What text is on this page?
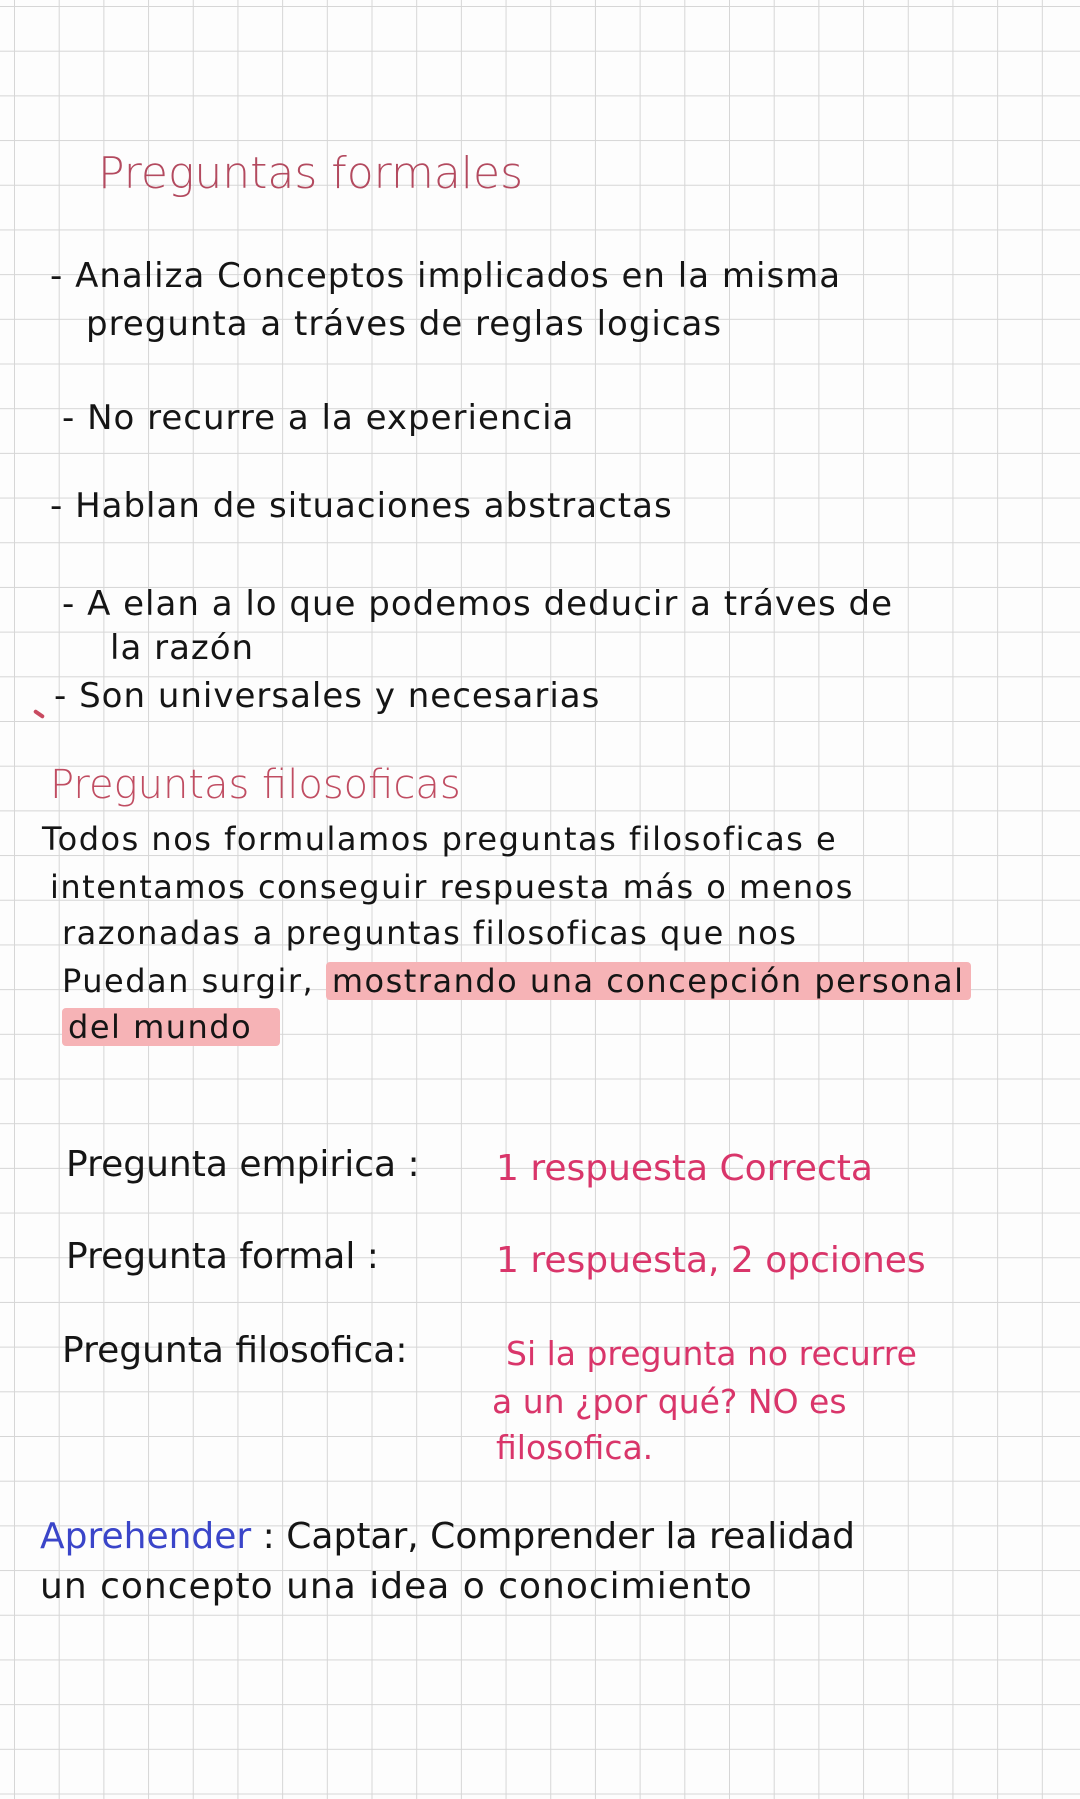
Preguntas formales
- Analiza Conceptos implicados en la misma
pregunta a tráves de reglas logicas
- No recurre a la experiencia
- Hablan de situaciones abstractas
- A elan a lo que podemos deducir a tráves de
la razón
- Son universales y necesarias
Preguntas filosoficas
Todos nos formulamos preguntas filosoficas e
intentamos conseguir respuesta más o menos
razonadas a preguntas filosoficas que nos
Puedan surgir, mostrando una concepción personal
del mundo
Pregunta empirica : 1 respuesta Correcta
Pregunta formal :	1 respuesta, 2 opciones
Pregunta filosofica:	Si la pregunta no recurre
a un ¿por qué? NO es
filosofica.
Aprehender : Captar, Comprender la realidad
un concepto una idea o conocimiento
